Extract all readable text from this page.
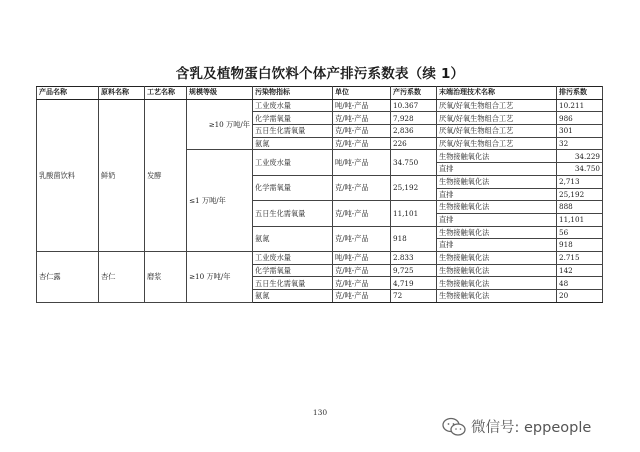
含乳及植物蛋白饮料个体产排污系数表（续 1）
产品名称	原料名称	工艺名称	规模等级	污染物指标	单位	产污系数	末端治理技术名称	排污系数
乳酸菌饮料	鲜奶	发酵	≥10 万吨/年	工业废水量	吨/吨-产品	10.367	厌氧/好氧生物组合工艺	10.211
				化学需氧量	克/吨-产品	7,928	厌氧/好氧生物组合工艺	986
				五日生化需氧量	克/吨-产品	2,836	厌氧/好氧生物组合工艺	301
				氨氮	克/吨-产品	226	厌氧/好氧生物组合工艺	32
			≤1 万吨/年	工业废水量	吨/吨-产品	34.750	生物接触氧化法	34.229
							直排	34.750
				化学需氧量	克/吨-产品	25,192	生物接触氧化法	2,713
							直排	25,192
				五日生化需氧量	克/吨-产品	11,101	生物接触氧化法	888
							直排	11,101
				氨氮	克/吨-产品	918	生物接触氧化法	56
							直排	918
杏仁露	杏仁	磨浆	≥10 万吨/年	工业废水量	吨/吨-产品	2.833	生物接触氧化法	2.715
				化学需氧量	克/吨-产品	9,725	生物接触氧化法	142
				五日生化需氧量	克/吨-产品	4,719	生物接触氧化法	48
				氨氮	克/吨-产品	72	生物接触氧化法	20
130
微信号: eppeople
